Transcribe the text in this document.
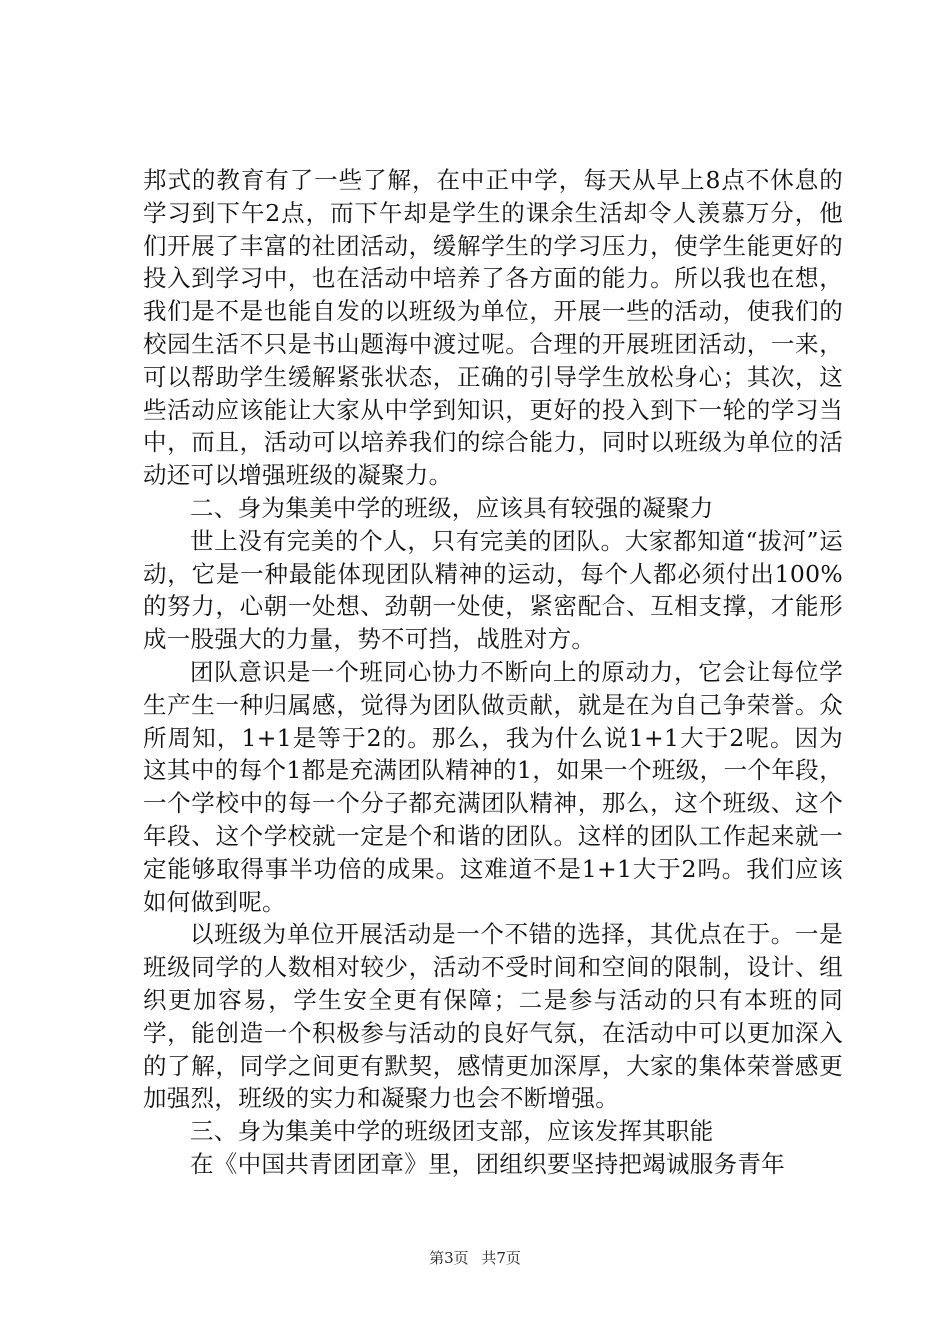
邦式的教育有了一些了解，在中正中学，每天从早上8点不休息的学习到下午2点，而下午却是学生的课余生活却令人羡慕万分，他们开展了丰富的社团活动，缓解学生的学习压力，使学生能更好的投入到学习中，也在活动中培养了各方面的能力。所以我也在想，我们是不是也能自发的以班级为单位，开展一些的活动，使我们的校园生活不只是书山题海中渡过呢。合理的开展班团活动，一来，可以帮助学生缓解紧张状态，正确的引导学生放松身心；其次，这些活动应该能让大家从中学到知识，更好的投入到下一轮的学习当中，而且，活动可以培养我们的综合能力，同时以班级为单位的活动还可以增强班级的凝聚力。

二、身为集美中学的班级，应该具有较强的凝聚力

世上没有完美的个人，只有完美的团队。大家都知道“拔河”运动，它是一种最能体现团队精神的运动，每个人都必须付出100%的努力，心朝一处想、劲朝一处使，紧密配合、互相支撑，才能形成一股强大的力量，势不可挡，战胜对方。

团队意识是一个班同心协力不断向上的原动力，它会让每位学生产生一种归属感，觉得为团队做贡献，就是在为自己争荣誉。众所周知，1+1是等于2的。那么，我为什么说1+1大于2呢。因为这其中的每个1都是充满团队精神的1，如果一个班级，一个年段，一个学校中的每一个分子都充满团队精神，那么，这个班级、这个年段、这个学校就一定是个和谐的团队。这样的团队工作起来就一定能够取得事半功倍的成果。这难道不是1+1大于2吗。我们应该如何做到呢。

以班级为单位开展活动是一个不错的选择，其优点在于。一是班级同学的人数相对较少，活动不受时间和空间的限制，设计、组织更加容易，学生安全更有保障；二是参与活动的只有本班的同学，能创造一个积极参与活动的良好气氛，在活动中可以更加深入的了解，同学之间更有默契，感情更加深厚，大家的集体荣誉感更加强烈，班级的实力和凝聚力也会不断增强。

三、身为集美中学的班级团支部，应该发挥其职能

在《中国共青团团章》里，团组织要坚持把竭诚服务青年

第3页 共7页
